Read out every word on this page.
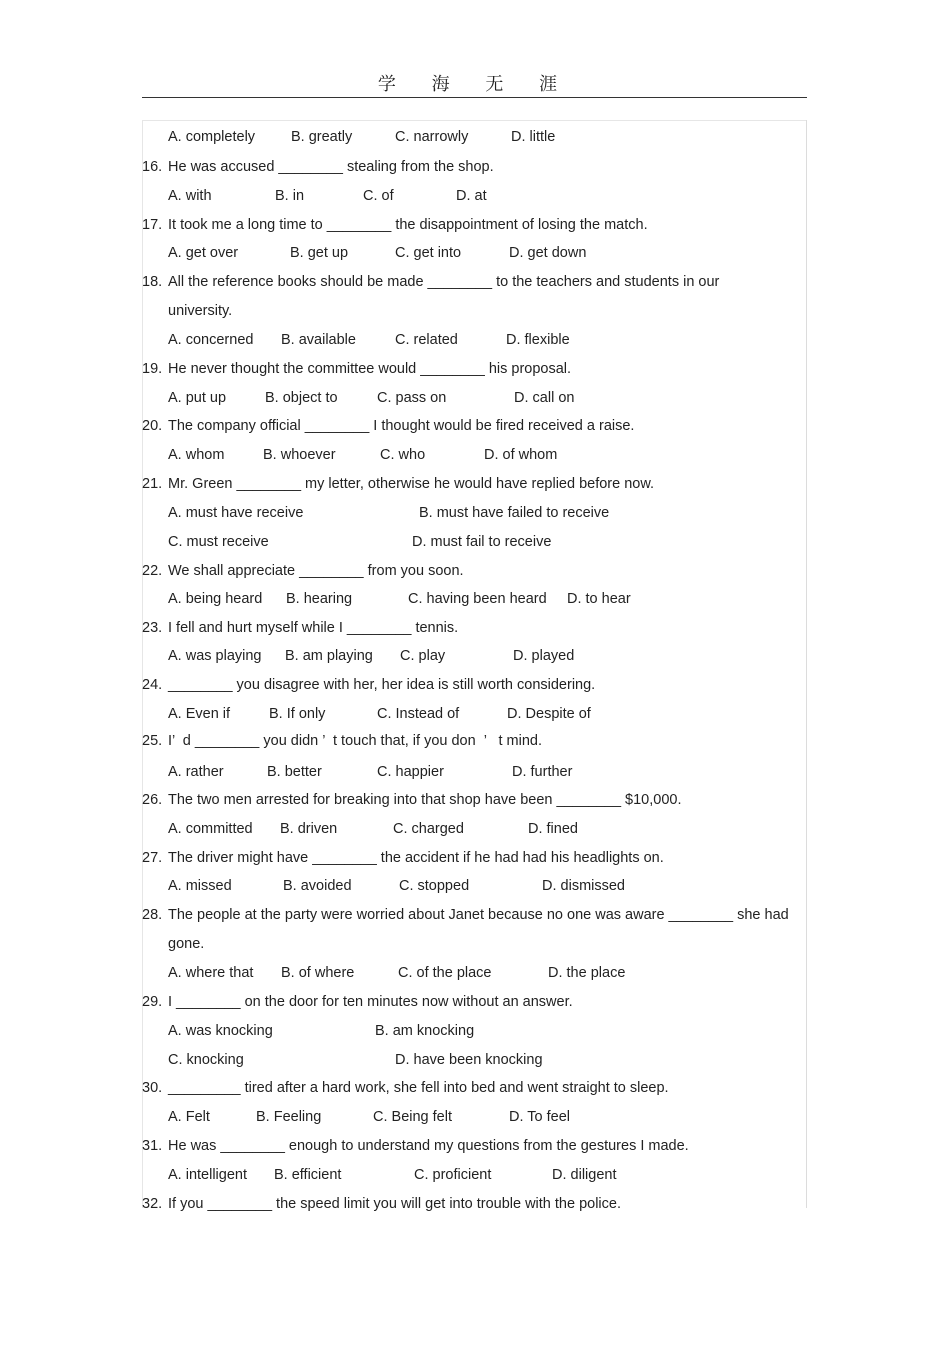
学 海 无 涯
A. completely B. greatly	C. narrowly	D. little
16. He was accused ________ stealing from the shop.
A. with	B. in	C. of	D. at
17. It took me a long time to ________ the disappointment of losing the match.
A. get over	B. get up	C. get into	D. get down
18. All the reference books should be made ________ to the teachers and students in our
university.
A. concerned B. available	C. related	D. flexible
19. He never thought the committee would ________ his proposal.
A. put up	B. object to	C. pass on	D. call on
20. The company official ________ I thought would be fired received a raise.
A. whom	B. whoever	C. who	D. of whom
21. Mr. Green ________ my letter, otherwise he would have replied before now.
A. must have receive	B. must have failed to receive
C. must receive	D. must fail to receive
22. We shall appreciate ________ from you soon.
A. being heard B. hearing	C. having been heard D. to hear
23. I fell and hurt myself while I ________ tennis.
A. was playing B. am playing C. play	D. played
24. ________ you disagree with her, her idea is still worth considering.
A. Even if	B. If only	C. Instead of	D. Despite of
25. I’  d ________ you didn ’  t touch that, if you don  ’   t mind.
A. rather	B. better	C. happier	D. further
26. The two men arrested for breaking into that shop have been ________ $10,000.
A. committed B. driven	C. charged	D. fined
27. The driver might have ________ the accident if he had had his headlights on.
A. missed	B. avoided	C. stopped	D. dismissed
28. The people at the party were worried about Janet because no one was aware ________ she had
gone.
A. where that B. of where	C. of the place	D. the place
29. I ________ on the door for ten minutes now without an answer.
A. was knocking	B. am knocking
C. knocking	D. have been knocking
30. _________ tired after a hard work, she fell into bed and went straight to sleep.
A. Felt	B. Feeling	C. Being felt	D. To feel
31. He was ________ enough to understand my questions from the gestures I made.
A. intelligent B. efficient	C. proficient	D. diligent
32. If you ________ the speed limit you will get into trouble with the police.
